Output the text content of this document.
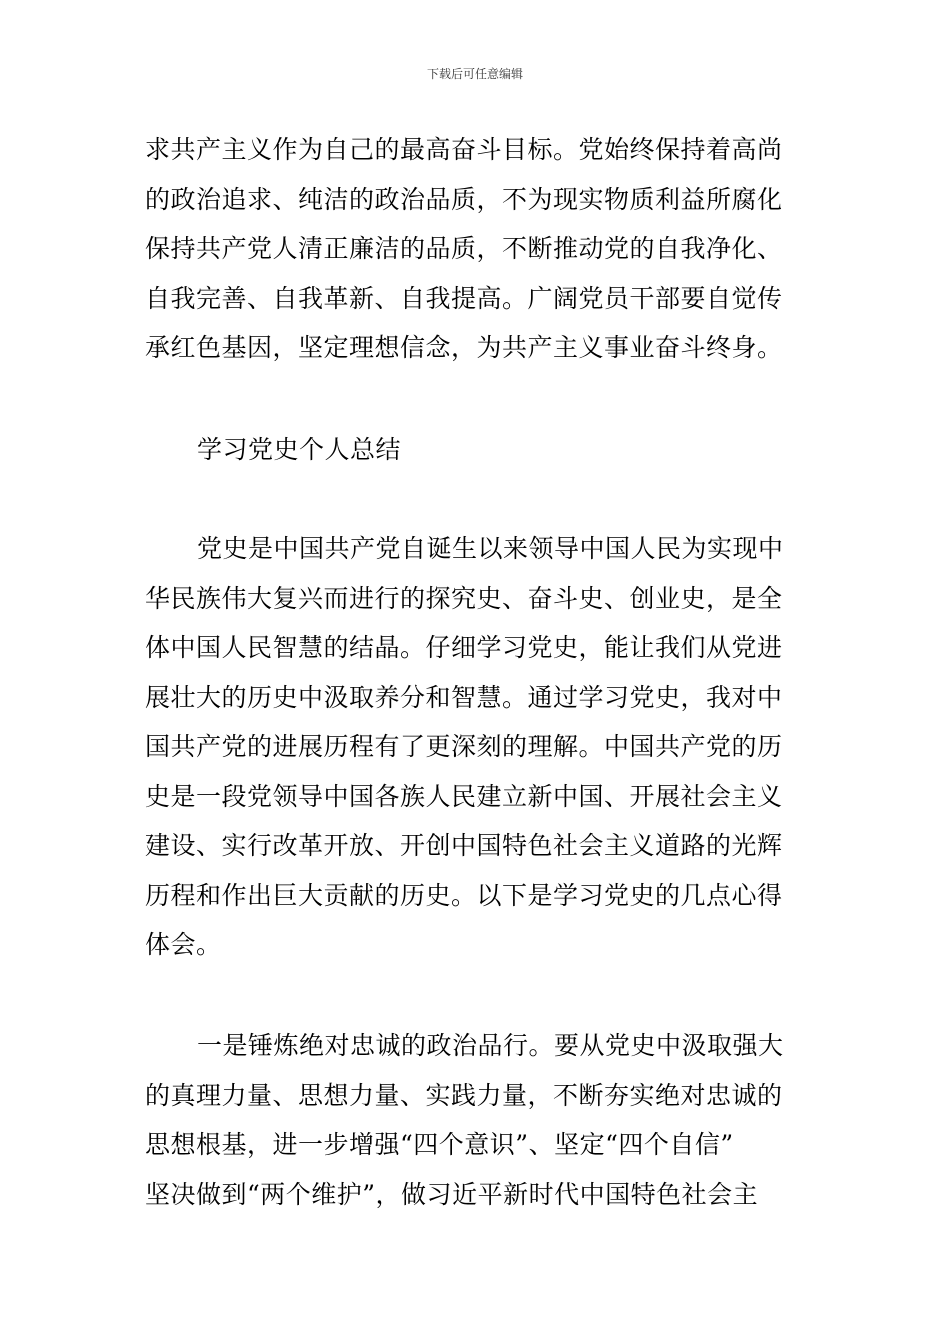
下载后可任意编辑
求共产主义作为自己的最高奋斗目标。党始终保持着高尚
的政治追求、纯洁的政治品质，不为现实物质利益所腐化
保持共产党人清正廉洁的品质，不断推动党的自我净化、
自我完善、自我革新、自我提高。广阔党员干部要自觉传
承红色基因，坚定理想信念，为共产主义事业奋斗终身。
学习党史个人总结
党史是中国共产党自诞生以来领导中国人民为实现中
华民族伟大复兴而进行的探究史、奋斗史、创业史，是全
体中国人民智慧的结晶。仔细学习党史，能让我们从党进
展壮大的历史中汲取养分和智慧。通过学习党史，我对中
国共产党的进展历程有了更深刻的理解。中国共产党的历
史是一段党领导中国各族人民建立新中国、开展社会主义
建设、实行改革开放、开创中国特色社会主义道路的光辉
历程和作出巨大贡献的历史。以下是学习党史的几点心得
体会。
一是锤炼绝对忠诚的政治品行。要从党史中汲取强大
的真理力量、思想力量、实践力量，不断夯实绝对忠诚的
思想根基，进一步增强“四个意识”、坚定“四个自信”
坚决做到“两个维护”，做习近平新时代中国特色社会主
